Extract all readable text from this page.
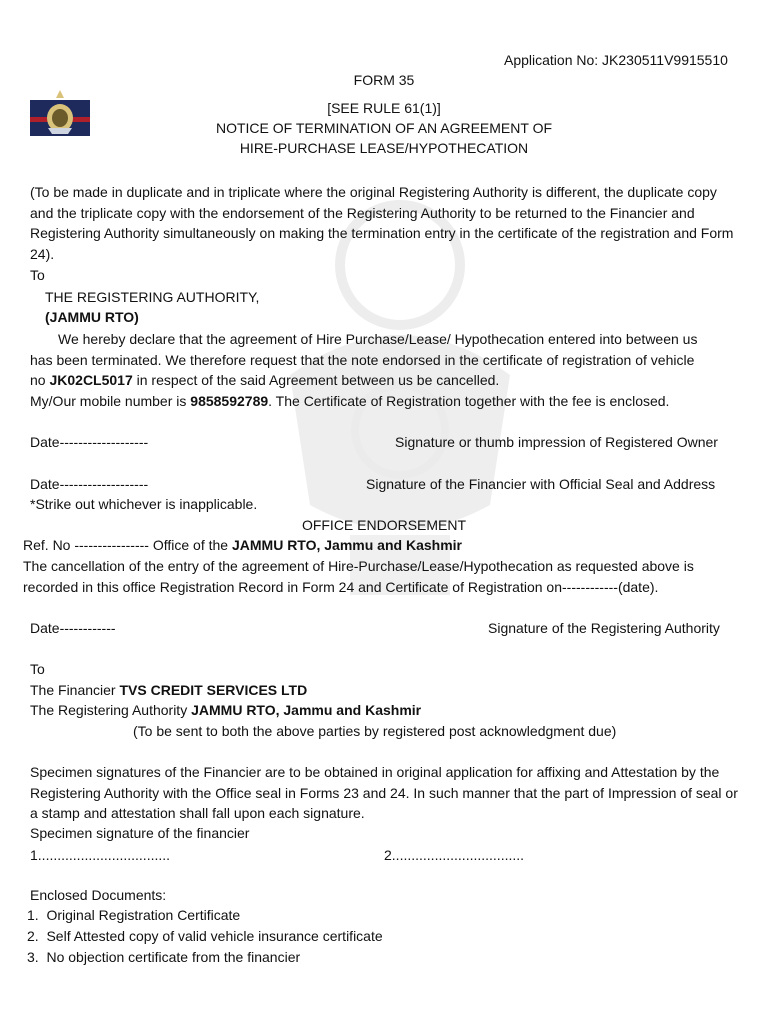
Application No: JK230511V9915510
FORM 35
[SEE RULE 61(1)]
NOTICE OF TERMINATION OF AN AGREEMENT OF
HIRE-PURCHASE LEASE/HYPOTHECATION
(To be made in duplicate and in triplicate where the original Registering Authority is different, the duplicate copy and the triplicate copy with the endorsement of the Registering Authority to be returned to the Financier and Registering Authority simultaneously on making the termination entry in the certificate of the registration and Form 24).
To
THE REGISTERING AUTHORITY,
(JAMMU RTO)
We hereby declare that the agreement of Hire Purchase/Lease/ Hypothecation entered into between us
has been terminated. We therefore request that the note endorsed in the certificate of registration of vehicle
no JK02CL5017 in respect of the said Agreement between us be cancelled.
My/Our mobile number is 9858592789. The Certificate of Registration together with the fee is enclosed.
Date-------------------	Signature or thumb impression of Registered Owner
Date-------------------	Signature of the Financier with Official Seal and Address
*Strike out whichever is inapplicable.
OFFICE ENDORSEMENT
Ref. No ---------------- Office of the JAMMU RTO, Jammu and Kashmir
The cancellation of the entry of the agreement of Hire-Purchase/Lease/Hypothecation as requested above is
recorded in this office Registration Record in Form 24 and Certificate of Registration on------------(date).
Date------------	Signature of the Registering Authority
To
The Financier TVS CREDIT SERVICES LTD
The Registering Authority JAMMU RTO, Jammu and Kashmir
(To be sent to both the above parties by registered post acknowledgment due)
Specimen signatures of the Financier are to be obtained in original application for affixing and Attestation by the Registering Authority with the Office seal in Forms 23 and 24. In such manner that the part of Impression of seal or a stamp and attestation shall fall upon each signature.
Specimen signature of the financier
1..................................	2..................................
Enclosed Documents:
1.  Original Registration Certificate
2.  Self Attested copy of valid vehicle insurance certificate
3.  No objection certificate from the financier
